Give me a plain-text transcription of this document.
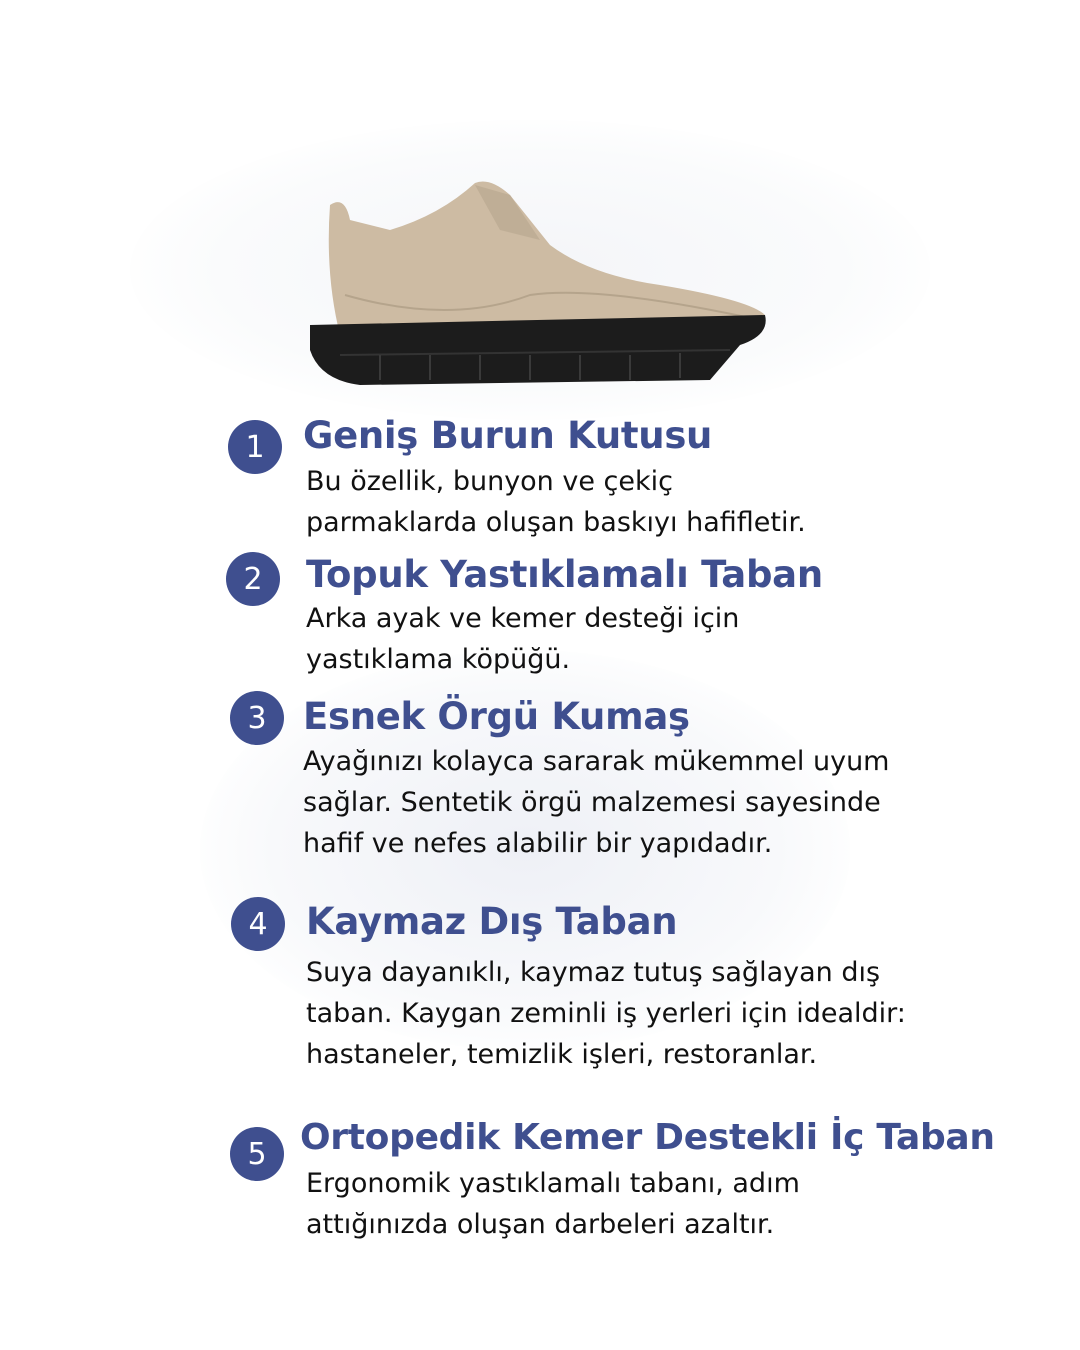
1	Geniş Burun Kutusu
Bu özellik, bunyon ve çekiç
parmaklarda oluşan baskıyı hafifletir.
2	Topuk Yastıklamalı Taban
Arka ayak ve kemer desteği için
yastıklama köpüğü.
3 Esnek Örgü Kumaş
Ayağınızı kolayca sararak mükemmel uyum
sağlar. Sentetik örgü malzemesi sayesinde
hafif ve nefes alabilir bir yapıdadır.
4	Kaymaz Dış Taban
Suya dayanıklı, kaymaz tutuş sağlayan dış
taban. Kaygan zeminli iş yerleri için idealdir:
hastaneler, temizlik işleri, restoranlar.
5 Ortopedik Kemer Destekli İç Taban
Ergonomik yastıklamalı tabanı, adım
attığınızda oluşan darbeleri azaltır.
